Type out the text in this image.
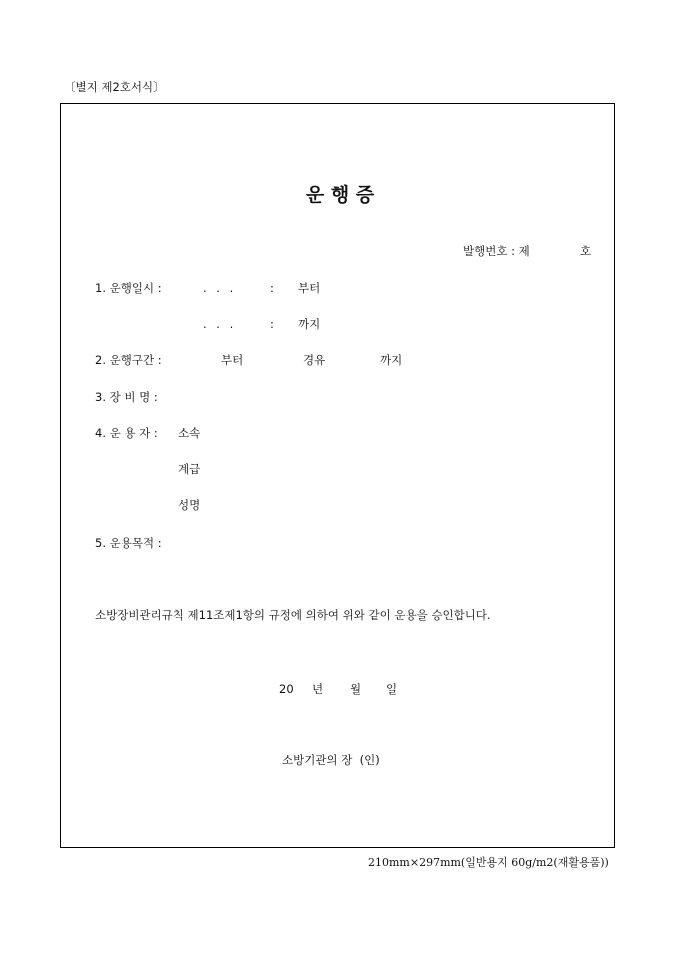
〔별지 제2호서식〕
운 행 증
발행번호 : 제	호
1. 운행일시 :	. . .	: 부터
. . .	: 까지
2. 운행구간 :	부터	경유	까지
3. 장 비 명 :
4. 운 용 자 : 소속
계급
성명
5. 운용목적 :
소방장비관리규칙 제11조제1항의 규정에 의하여 위와 같이 운용을 승인합니다.
20 년 월 일
소방기관의 장  (인)
210mm×297mm(일반용지 60g/m2(재활용품))
